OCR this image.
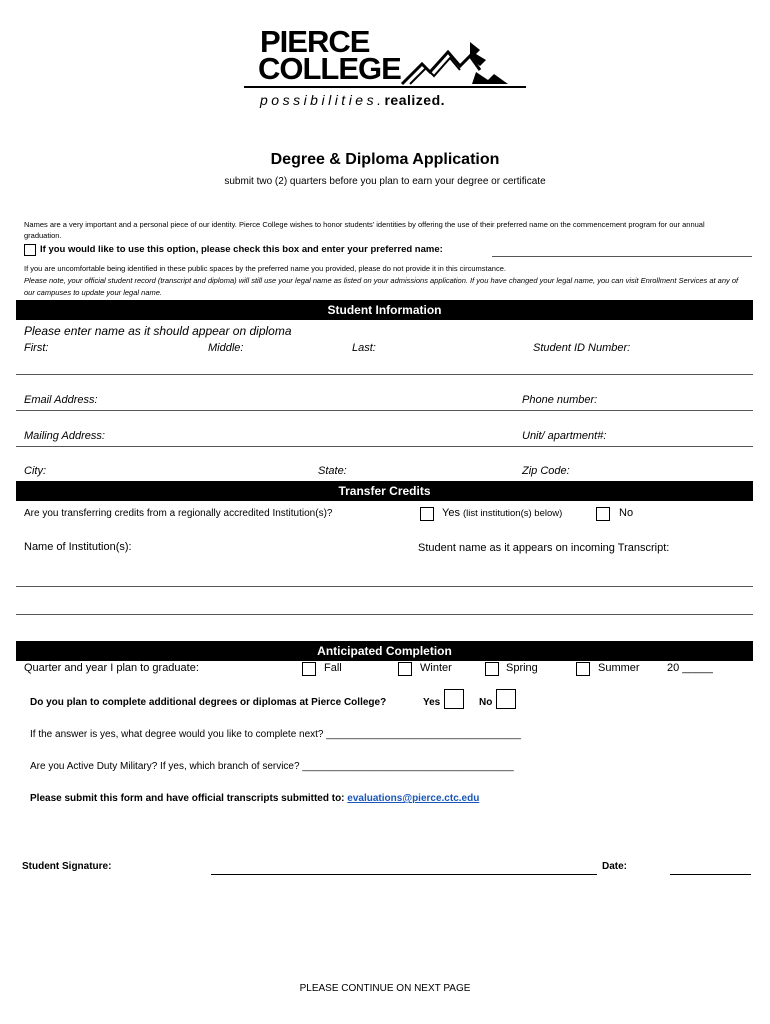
PIERCE
COLLEGE
possibilities.realized.
Degree & Diploma Application
submit two (2) quarters before you plan to earn your degree or certificate
Names are a very important and a personal piece of our identity. Pierce College wishes to honor students’ identities by offering the use of their preferred name on the commencement program for our annual graduation.
If you would like to use this option, please check this box and enter your preferred name:
If you are uncomfortable being identified in these public spaces by the preferred name you provided, please do not provide it in this circumstance.
Please note, your official student record (transcript and diploma) will still use your legal name as listed on your admissions application. If you have changed your legal name, you can visit Enrollment Services at any of our campuses to update your legal name.
Student Information
Please enter name as it should appear on diploma
First:	Middle:	Last:	Student ID Number:
Email Address:	Phone number:
Mailing Address:	Unit/ apartment#:
City:	State:	Zip Code:
Transfer Credits
Are you transferring credits from a regionally accredited Institution(s)?	Yes (list institution(s) below)	No
Name of Institution(s):	Student name as it appears on incoming Transcript:
Anticipated Completion
Quarter and year I plan to graduate:	Fall	Winter	Spring	Summer 20 _____
Do you plan to complete additional degrees or diplomas at Pierce College?	Yes	No
If the answer is yes, what degree would you like to complete next? ___________________________________
Are you Active Duty Military? If yes, which branch of service? ______________________________________
Please submit this form and have official transcripts submitted to: evaluations@pierce.ctc.edu
Student Signature:	Date:
PLEASE CONTINUE ON NEXT PAGE
